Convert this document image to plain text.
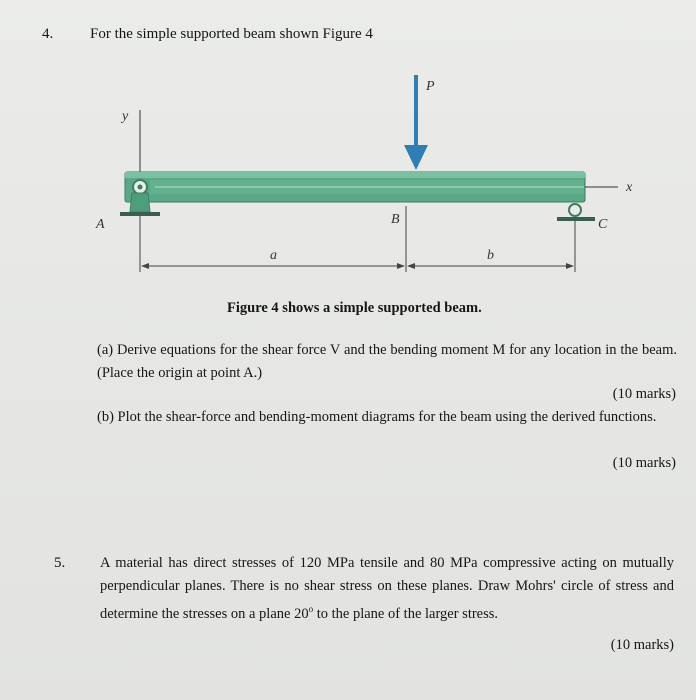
4. For the simple supported beam shown Figure 4
y
x
A	C
P
B
a	b
Figure 4 shows a simple supported beam.
(a) Derive equations for the shear force V and the bending moment M for any location in the beam. (Place the origin at point A.)
(10 marks)
(b) Plot the shear-force and bending-moment diagrams for the beam using the derived functions.
(10 marks)
5. A material has direct stresses of 120 MPa tensile and 80 MPa compressive acting on mutually perpendicular planes. There is no shear stress on these planes. Draw Mohrs' circle of stress and determine the stresses on a plane 20$^o$ to the plane of the larger stress.
(10 marks)
